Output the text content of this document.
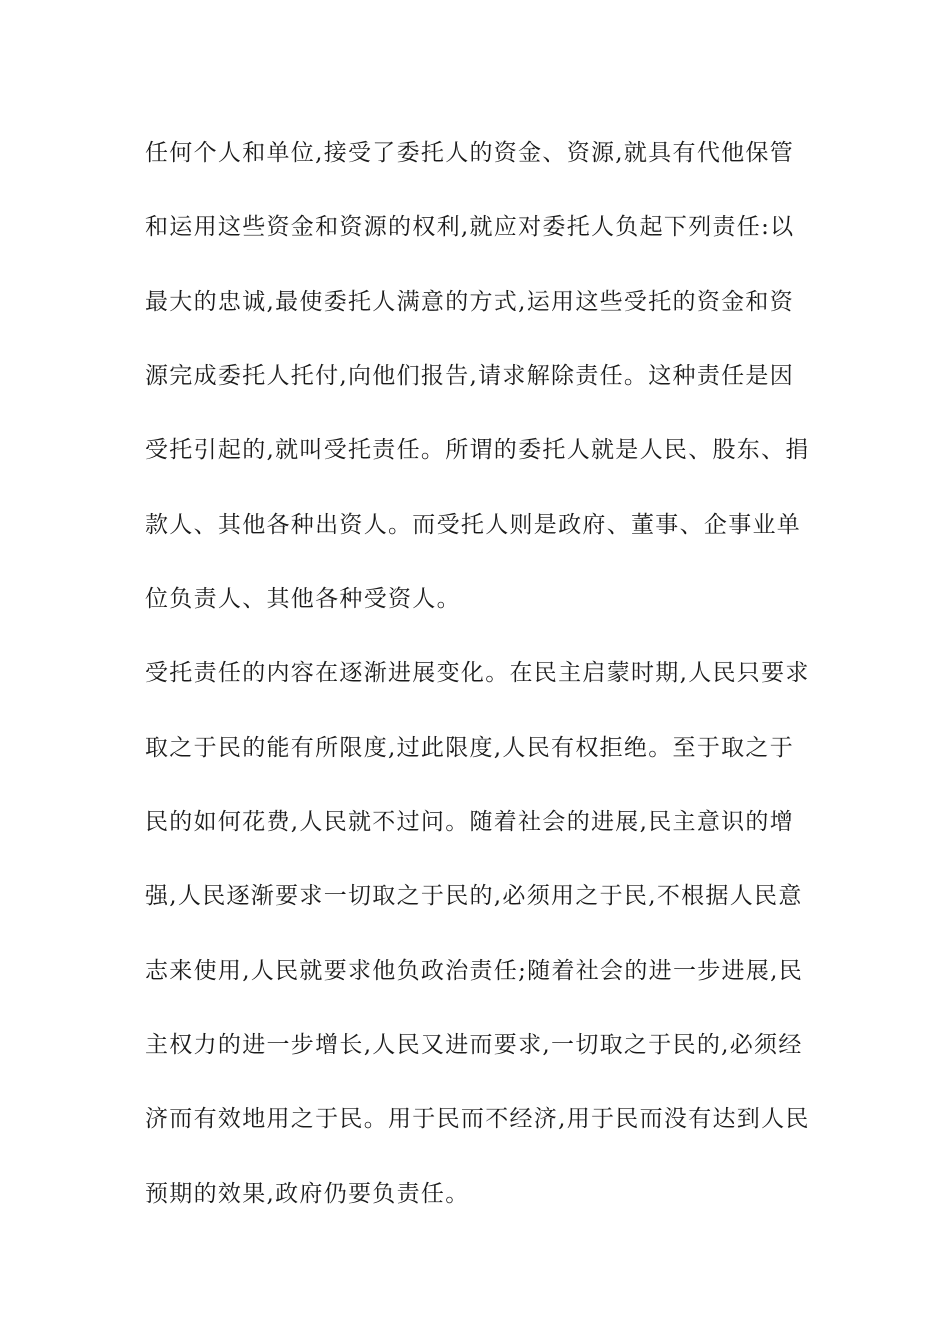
任何个人和单位,接受了委托人的资金、资源,就具有代他保管
和运用这些资金和资源的权利,就应对委托人负起下列责任:以
最大的忠诚,最使委托人满意的方式,运用这些受托的资金和资
源完成委托人托付,向他们报告,请求解除责任。这种责任是因
受托引起的,就叫受托责任。所谓的委托人就是人民、股东、捐
款人、其他各种出资人。而受托人则是政府、董事、企事业单
位负责人、其他各种受资人。
受托责任的内容在逐渐进展变化。在民主启蒙时期,人民只要求
取之于民的能有所限度,过此限度,人民有权拒绝。至于取之于
民的如何花费,人民就不过问。随着社会的进展,民主意识的增
强,人民逐渐要求一切取之于民的,必须用之于民,不根据人民意
志来使用,人民就要求他负政治责任;随着社会的进一步进展,民
主权力的进一步增长,人民又进而要求,一切取之于民的,必须经
济而有效地用之于民。用于民而不经济,用于民而没有达到人民
预期的效果,政府仍要负责任。
